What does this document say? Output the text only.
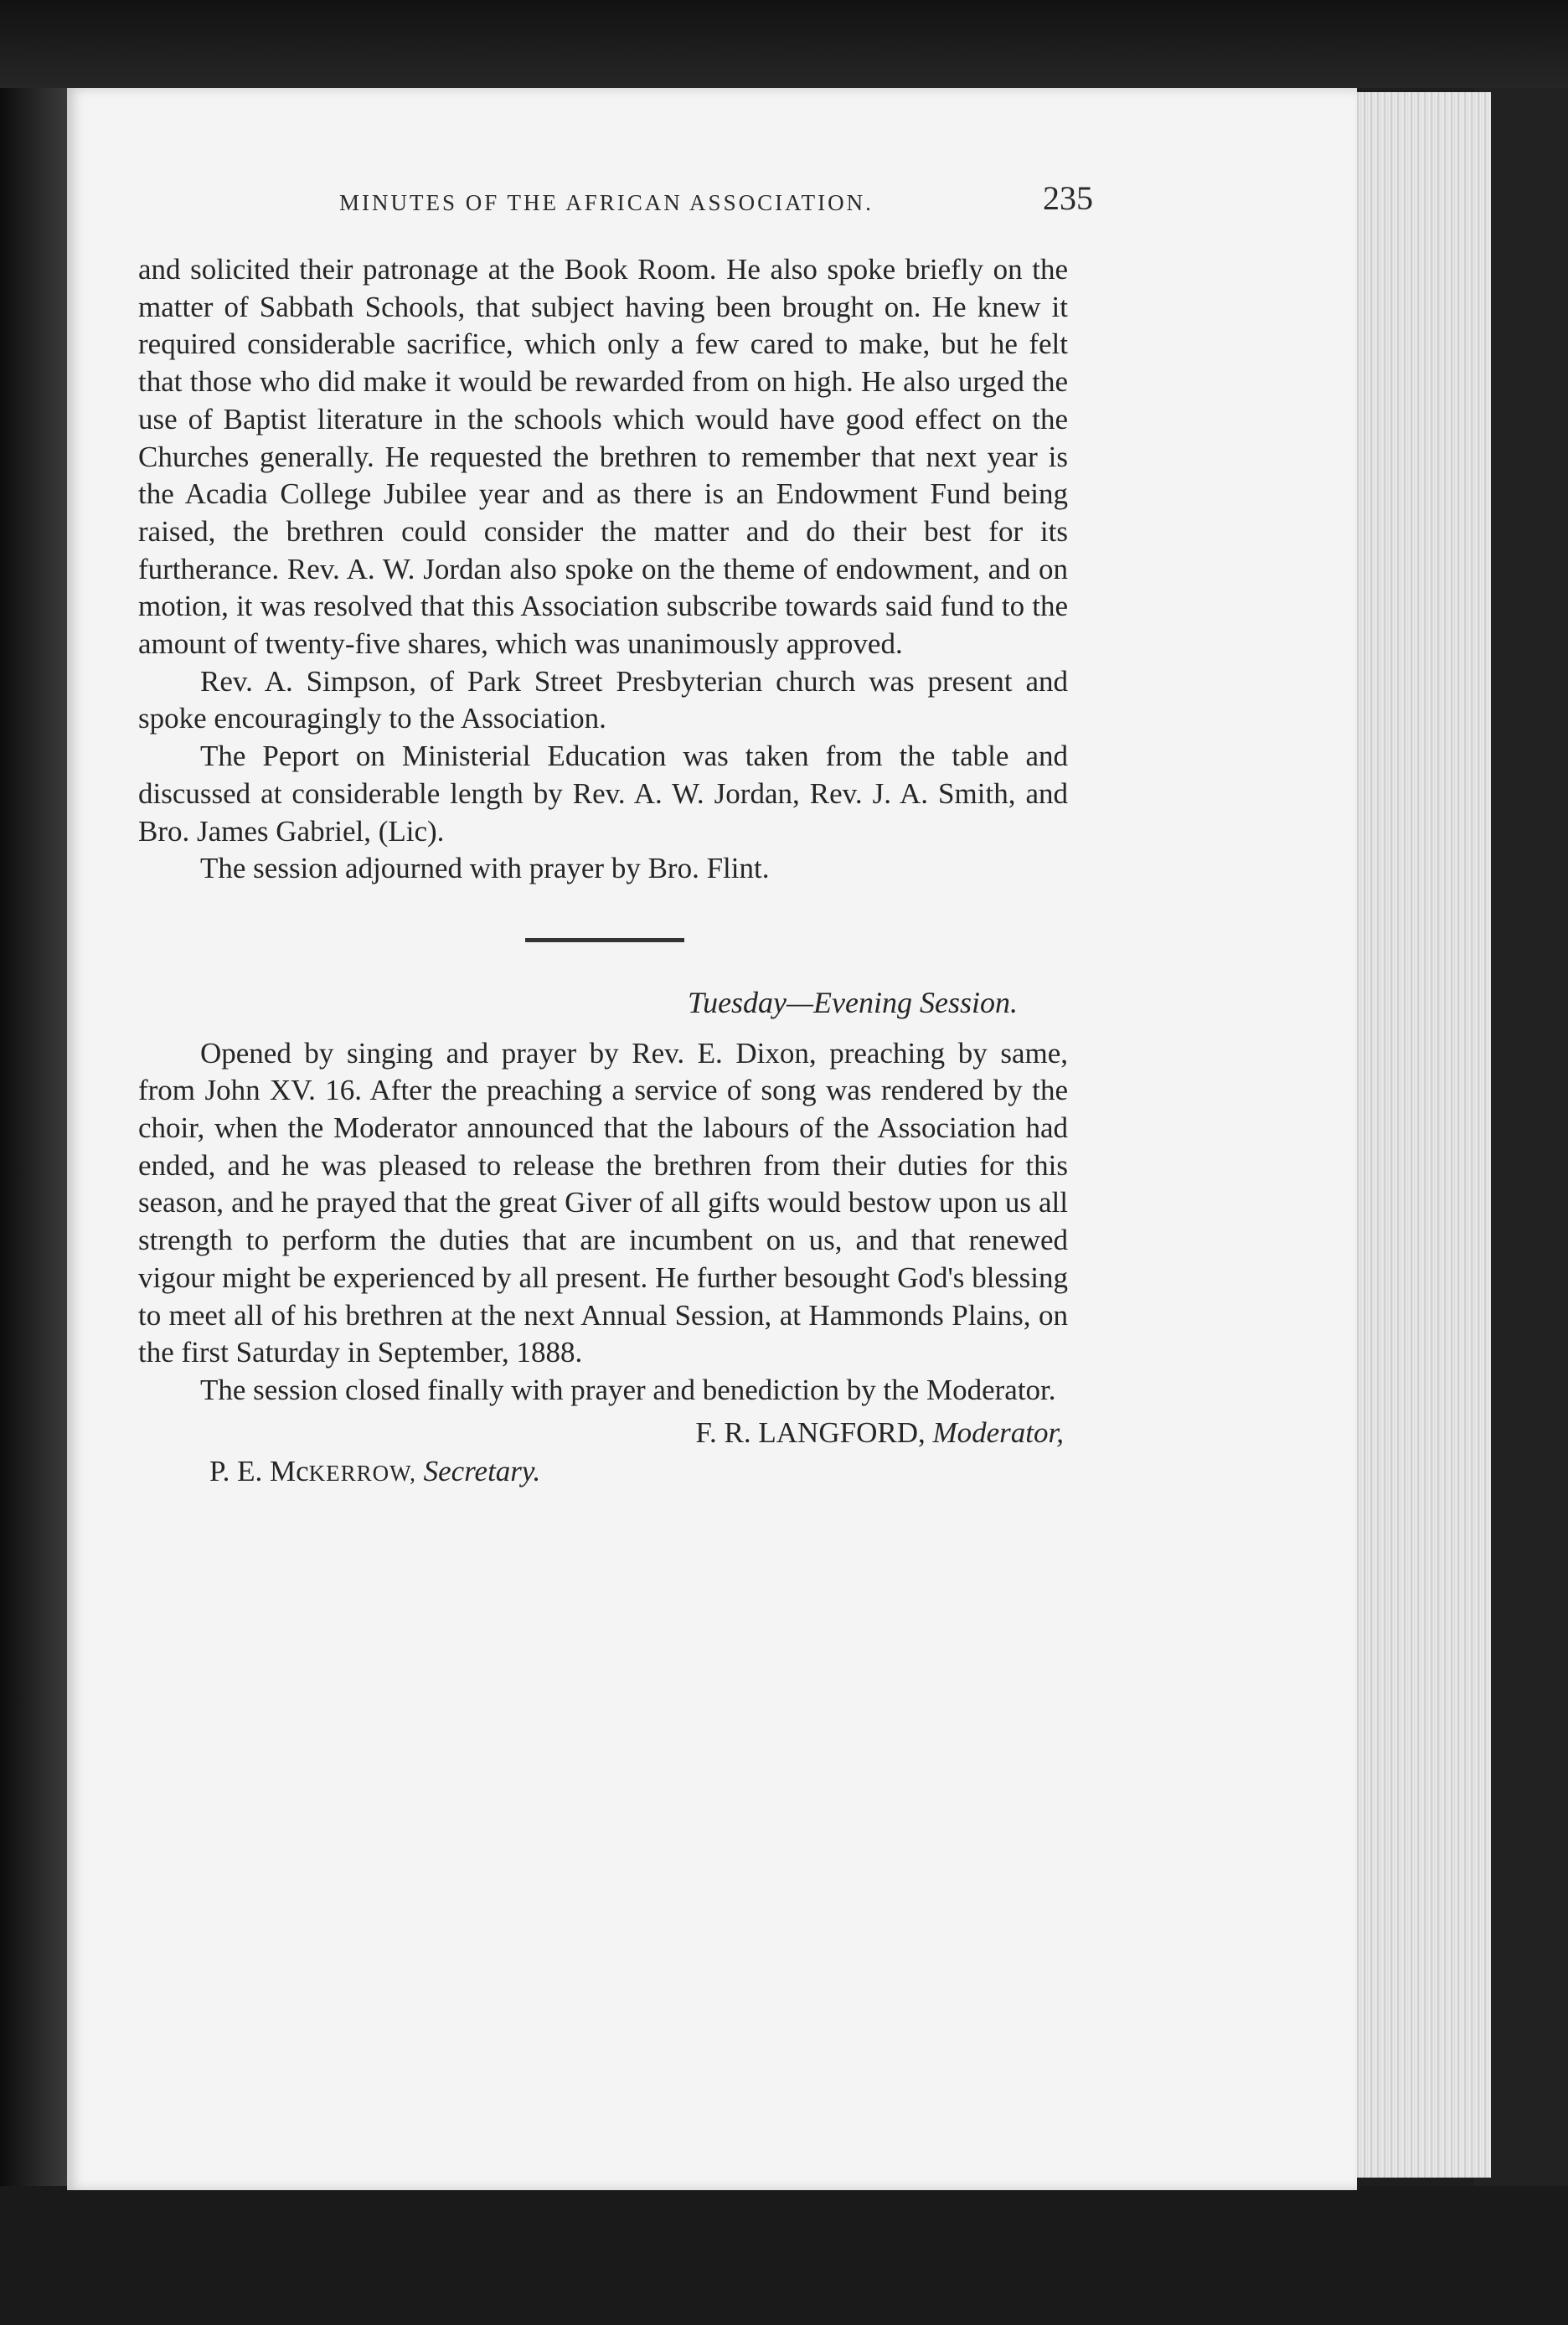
MINUTES OF THE AFRICAN ASSOCIATION.	235

and solicited their patronage at the Book Room. He also spoke briefly on the matter of Sabbath Schools, that subject having been brought on. He knew it required considerable sacrifice, which only a few cared to make, but he felt that those who did make it would be rewarded from on high. He also urged the use of Baptist literature in the schools which would have good effect on the Churches generally. He requested the brethren to remember that next year is the Acadia College Jubilee year and as there is an Endowment Fund being raised, the brethren could consider the matter and do their best for its furtherance. Rev. A. W. Jordan also spoke on the theme of endowment, and on motion, it was resolved that this Association subscribe towards said fund to the amount of twenty-five shares, which was unanimously approved.

Rev. A. Simpson, of Park Street Presbyterian church was present and spoke encouragingly to the Association.

The Peport on Ministerial Education was taken from the table and discussed at considerable length by Rev. A. W. Jordan, Rev. J. A. Smith, and Bro. James Gabriel, (Lic).

The session adjourned with prayer by Bro. Flint.

Tuesday—Evening Session.

Opened by singing and prayer by Rev. E. Dixon, preaching by same, from John XV. 16. After the preaching a service of song was rendered by the choir, when the Moderator announced that the labours of the Association had ended, and he was pleased to release the brethren from their duties for this season, and he prayed that the great Giver of all gifts would bestow upon us all strength to perform the duties that are incumbent on us, and that renewed vigour might be experienced by all present. He further besought God's blessing to meet all of his brethren at the next Annual Session, at Hammonds Plains, on the first Saturday in September, 1888.

The session closed finally with prayer and benediction by the Moderator.

F. R. LANGFORD, Moderator,
P. E. McKERROW, Secretary.
